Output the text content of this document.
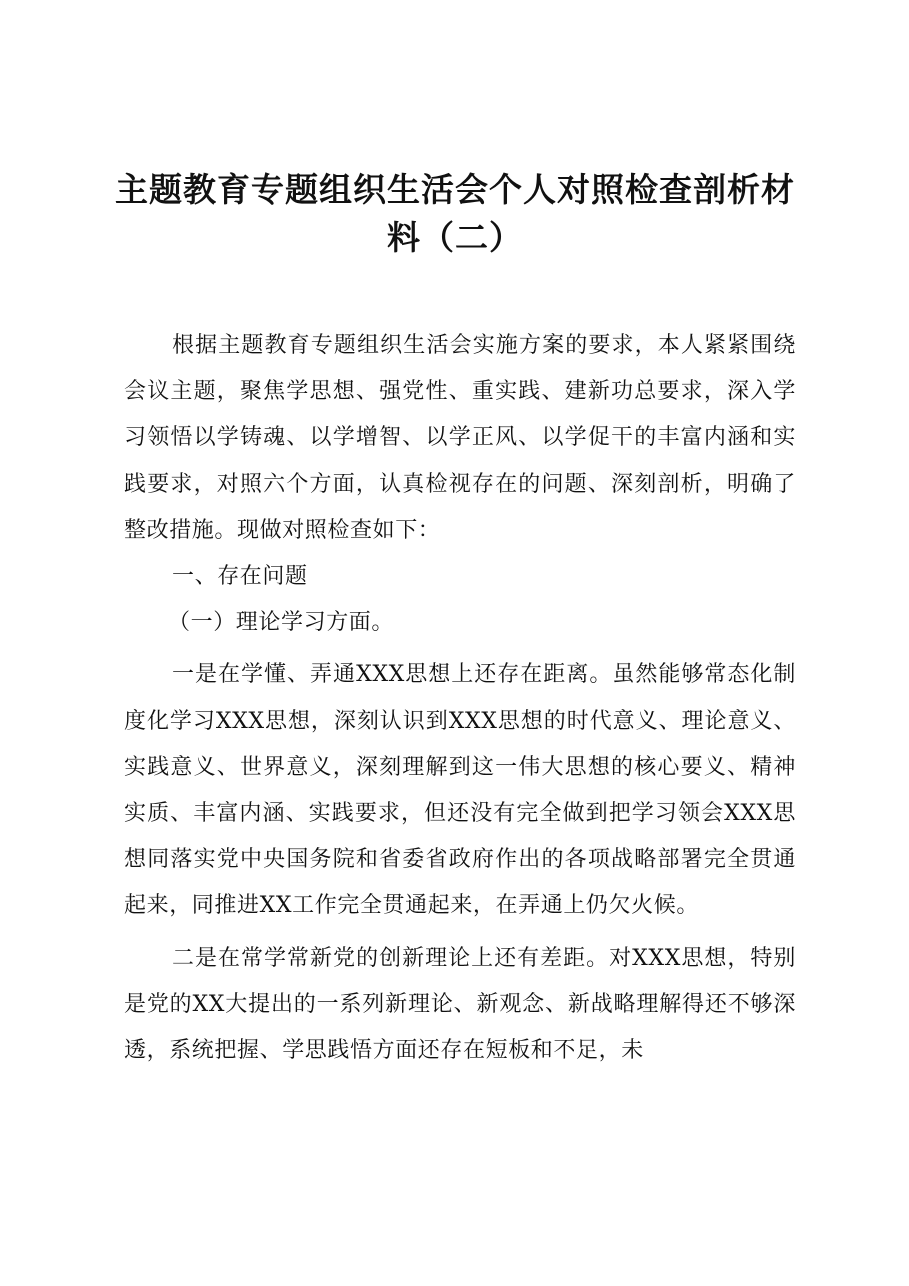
主题教育专题组织生活会个人对照检查剖析材
料（二）

根据主题教育专题组织生活会实施方案的要求，本人紧紧围绕会议主题，聚焦学思想、强党性、重实践、建新功总要求，深入学习领悟以学铸魂、以学增智、以学正风、以学促干的丰富内涵和实践要求，对照六个方面，认真检视存在的问题、深刻剖析，明确了整改措施。现做对照检查如下：

一、存在问题

（一）理论学习方面。

一是在学懂、弄通XXX思想上还存在距离。虽然能够常态化制度化学习XXX思想，深刻认识到XXX思想的时代意义、理论意义、实践意义、世界意义，深刻理解到这一伟大思想的核心要义、精神实质、丰富内涵、实践要求，但还没有完全做到把学习领会XXX思想同落实党中央国务院和省委省政府作出的各项战略部署完全贯通起来，同推进XX工作完全贯通起来，在弄通上仍欠火候。

二是在常学常新党的创新理论上还有差距。对XXX思想，特别是党的XX大提出的一系列新理论、新观念、新战略理解得还不够深透，系统把握、学思践悟方面还存在短板和不足，未
